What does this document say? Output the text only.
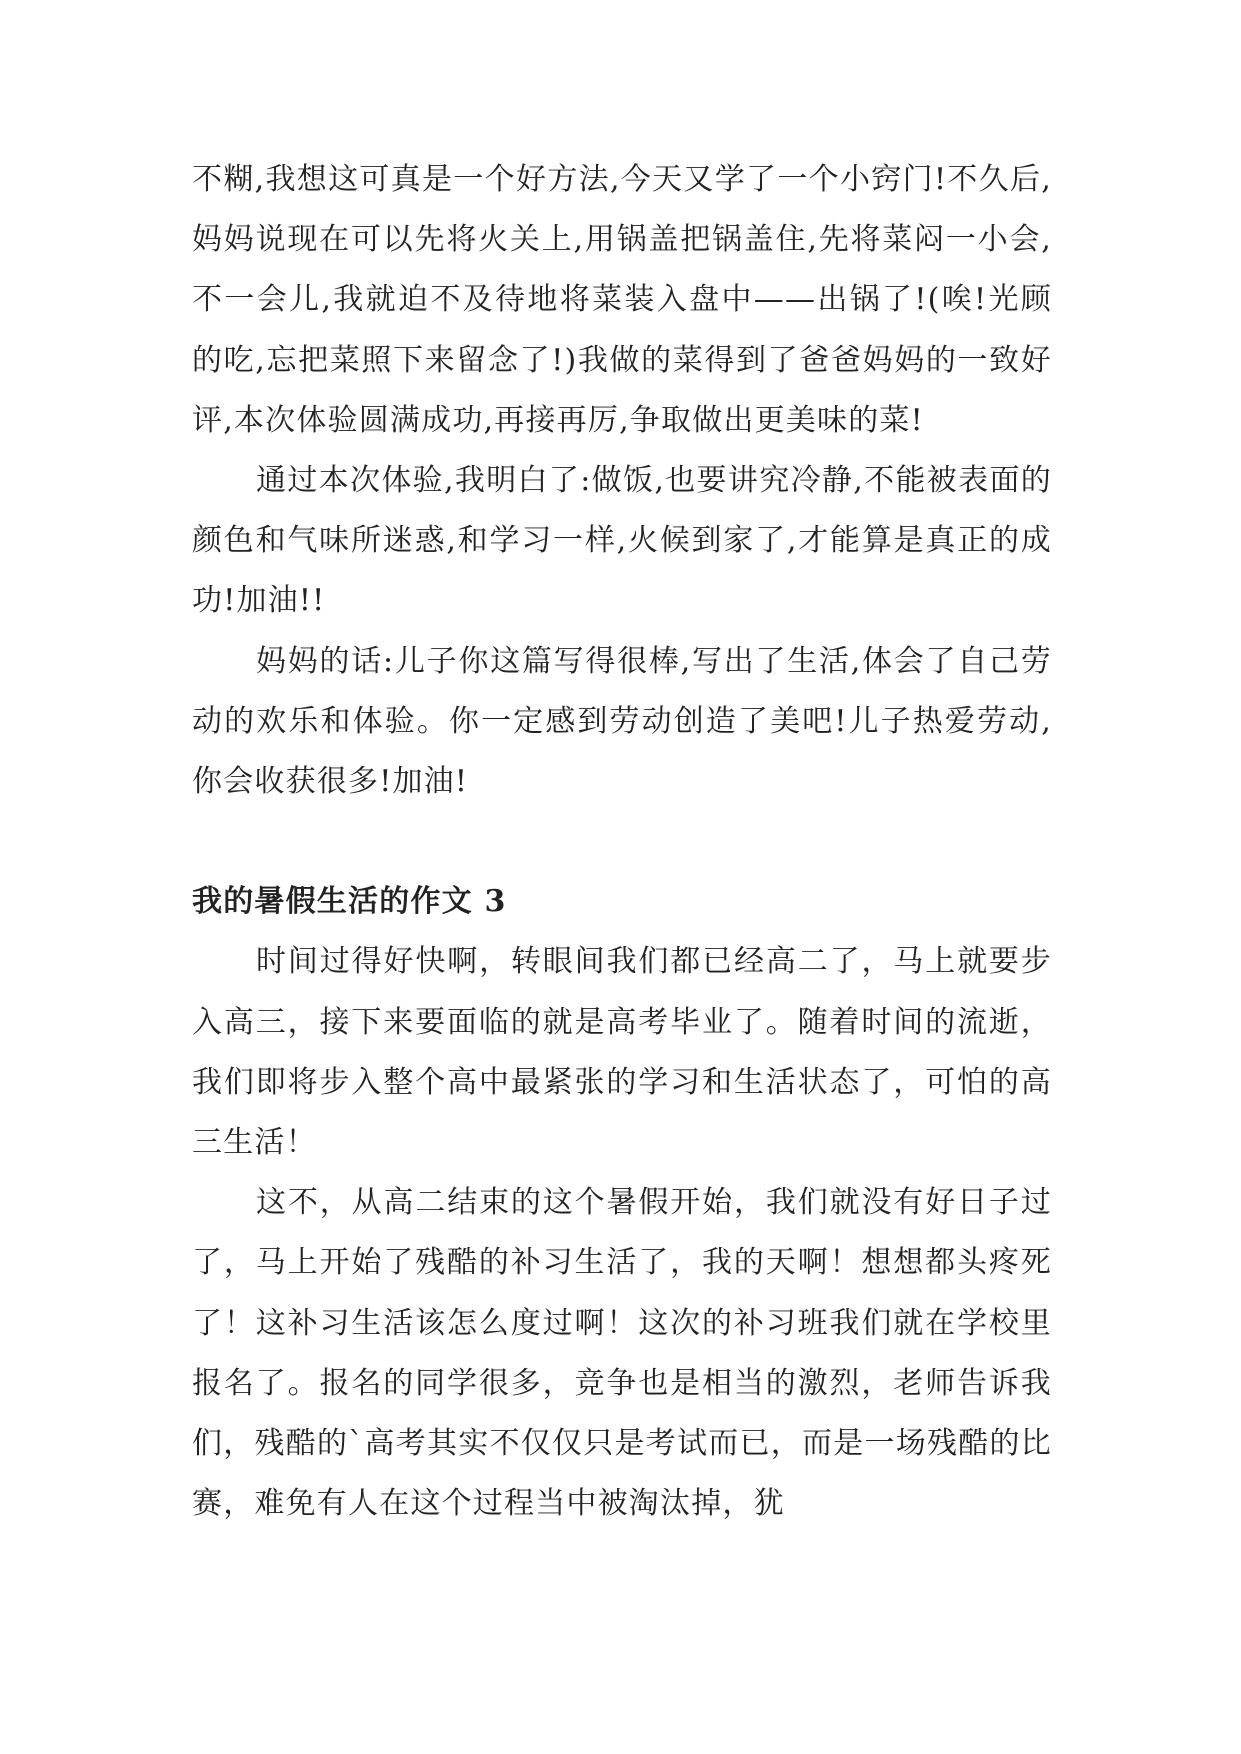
不糊,我想这可真是一个好方法,今天又学了一个小窍门!不久后,妈妈说现在可以先将火关上,用锅盖把锅盖住,先将菜闷一小会,不一会儿,我就迫不及待地将菜装入盘中——出锅了!(唉!光顾的吃,忘把菜照下来留念了!)我做的菜得到了爸爸妈妈的一致好评,本次体验圆满成功,再接再厉,争取做出更美味的菜!

通过本次体验,我明白了:做饭,也要讲究冷静,不能被表面的颜色和气味所迷惑,和学习一样,火候到家了,才能算是真正的成功!加油!!

妈妈的话:儿子你这篇写得很棒,写出了生活,体会了自己劳动的欢乐和体验。你一定感到劳动创造了美吧!儿子热爱劳动,你会收获很多!加油!

我的暑假生活的作文 3

时间过得好快啊，转眼间我们都已经高二了，马上就要步入高三，接下来要面临的就是高考毕业了。随着时间的流逝，我们即将步入整个高中最紧张的学习和生活状态了，可怕的高三生活！

这不，从高二结束的这个暑假开始，我们就没有好日子过了，马上开始了残酷的补习生活了，我的天啊！想想都头疼死了！这补习生活该怎么度过啊！这次的补习班我们就在学校里报名了。报名的同学很多，竞争也是相当的激烈，老师告诉我们，残酷的`高考其实不仅仅只是考试而已，而是一场残酷的比赛，难免有人在这个过程当中被淘汰掉，犹
